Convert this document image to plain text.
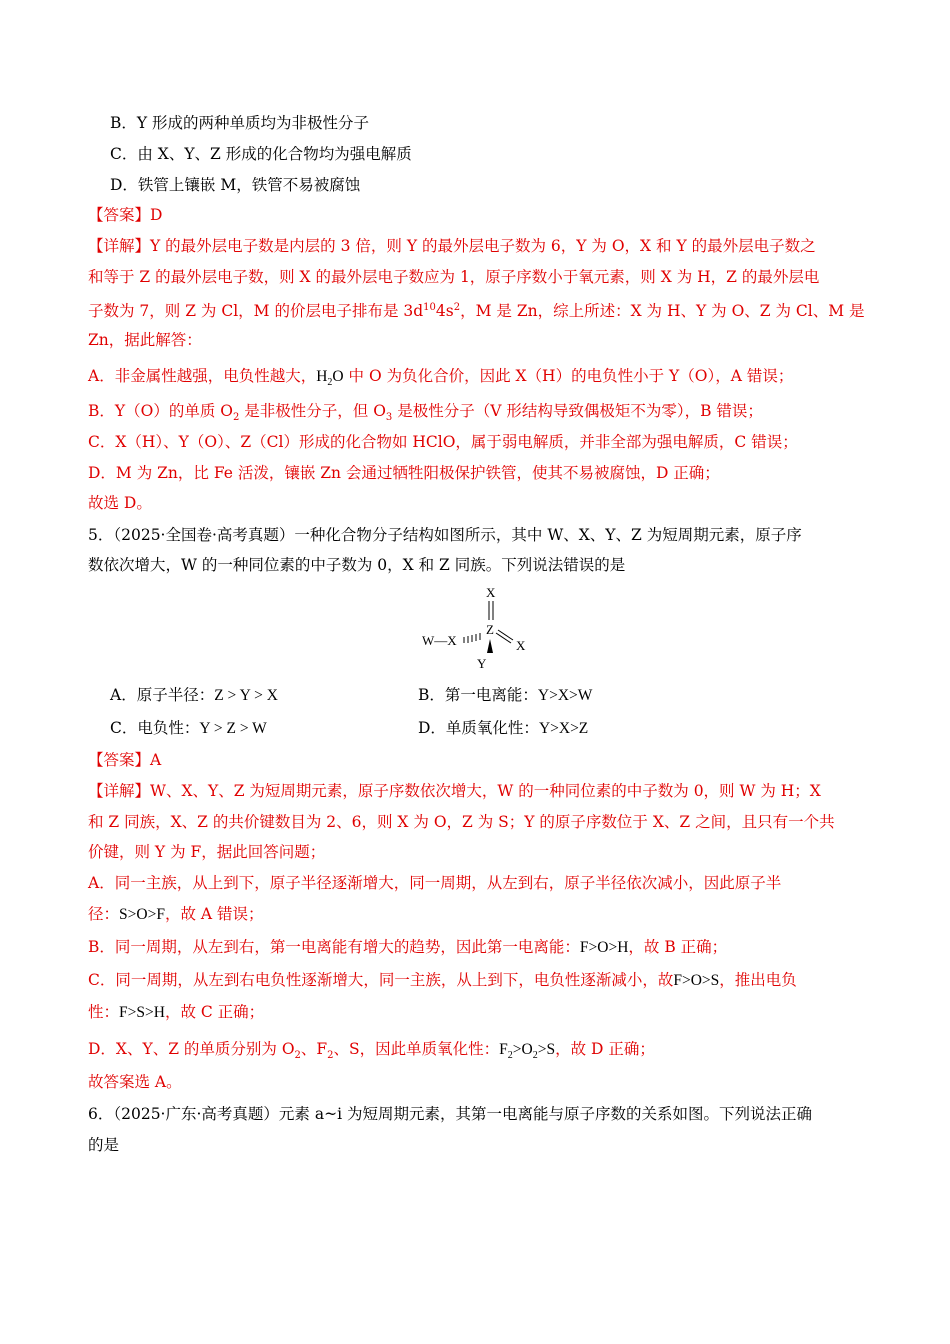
B．Y 形成的两种单质均为非极性分子
C．由 X、Y、Z 形成的化合物均为强电解质
D．铁管上镶嵌 M，铁管不易被腐蚀
【答案】D
【详解】Y 的最外层电子数是内层的 3 倍，则 Y 的最外层电子数为 6，Y 为 O，X 和 Y 的最外层电子数之
和等于 Z 的最外层电子数，则 X 的最外层电子数应为 1，原子序数小于氧元素，则 X 为 H，Z 的最外层电
子数为 7，则 Z 为 Cl，M 的价层电子排布是 $3d^{10}4s^2$，M 是 Zn，综上所述：X 为 H、Y 为 O、Z 为 Cl、M 是
Zn，据此解答：
A．非金属性越强，电负性越大，$H_2O$ 中 O 为负化合价，因此 X（H）的电负性小于 Y（O），A 错误；
B．Y（O）的单质 $O_2$ 是非极性分子，但 $O_3$ 是极性分子（V 形结构导致偶极矩不为零），B 错误；
C．X（H）、Y（O）、Z（Cl）形成的化合物如 HClO，属于弱电解质，并非全部为强电解质，C 错误；
D．M 为 Zn，比 Fe 活泼，镶嵌 Zn 会通过牺牲阳极保护铁管，使其不易被腐蚀，D 正确；
故选 D。
5．（2025·全国卷·高考真题）一种化合物分子结构如图所示，其中 W、X、Y、Z 为短周期元素，原子序
数依次增大，W 的一种同位素的中子数为 0，X 和 Z 同族。下列说法错误的是
X
W—X
Z
X
Y
A．原子半径：Z > Y > X	B．第一电离能：Y>X>W
C．电负性：Y > Z > W	D．单质氧化性：Y>X>Z
【答案】A
【详解】W、X、Y、Z 为短周期元素，原子序数依次增大，W 的一种同位素的中子数为 0，则 W 为 H；X
和 Z 同族，X、Z 的共价键数目为 2、6，则 X 为 O，Z 为 S；Y 的原子序数位于 X、Z 之间，且只有一个共
价键，则 Y 为 F，据此回答问题；
A．同一主族，从上到下，原子半径逐渐增大，同一周期，从左到右，原子半径依次减小，因此原子半
径：S>O>F，故 A 错误；
B．同一周期，从左到右，第一电离能有增大的趋势，因此第一电离能：F>O>H，故 B 正确；
C．同一周期，从左到右电负性逐渐增大，同一主族，从上到下，电负性逐渐减小，故F>O>S，推出电负
性：F>S>H，故 C 正确；
D．X、Y、Z 的单质分别为 $O_2$、$F_2$、S，因此单质氧化性：$F_2>O_2>S$，故 D 正确；
故答案选 A。
6．（2025·广东·高考真题）元素 a~i 为短周期元素，其第一电离能与原子序数的关系如图。下列说法正确
的是
